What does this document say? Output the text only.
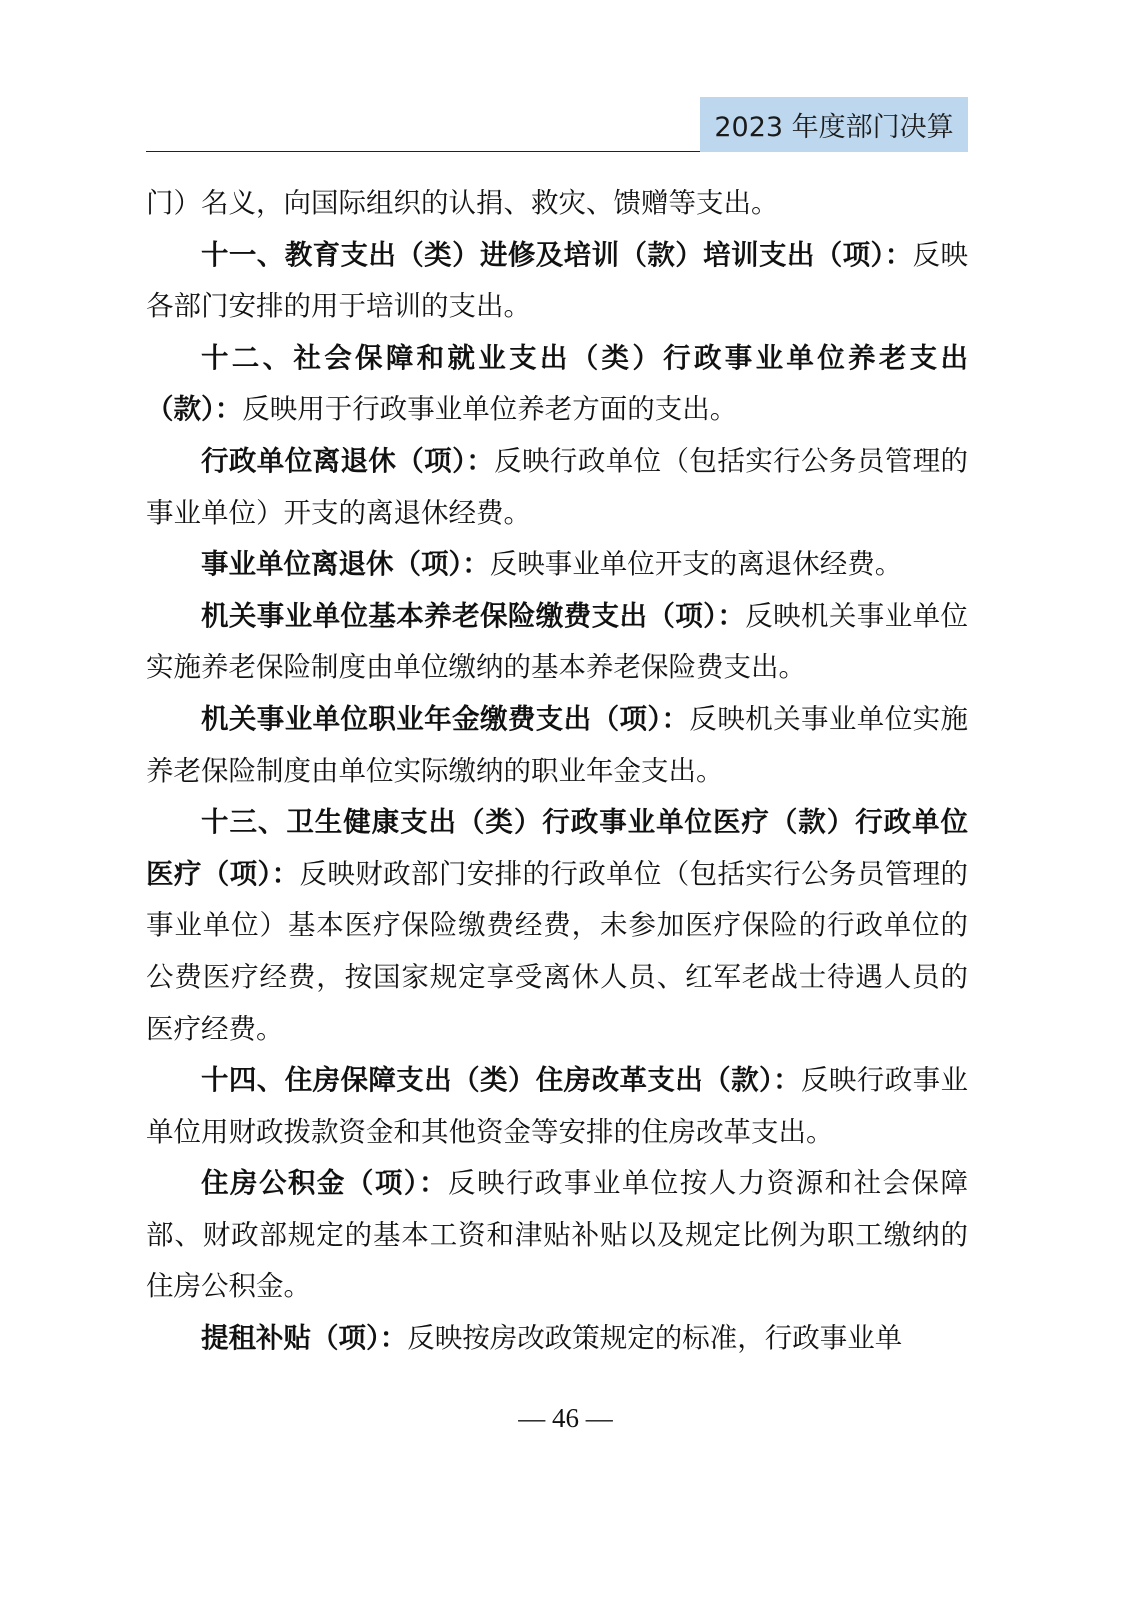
2023 年度部门决算

门）名义，向国际组织的认捐、救灾、馈赠等支出。

十一、教育支出（类）进修及培训（款）培训支出（项）：反映各部门安排的用于培训的支出。

十二、社会保障和就业支出（类）行政事业单位养老支出（款）：反映用于行政事业单位养老方面的支出。

行政单位离退休（项）：反映行政单位（包括实行公务员管理的事业单位）开支的离退休经费。

事业单位离退休（项）：反映事业单位开支的离退休经费。

机关事业单位基本养老保险缴费支出（项）：反映机关事业单位实施养老保险制度由单位缴纳的基本养老保险费支出。

机关事业单位职业年金缴费支出（项）：反映机关事业单位实施养老保险制度由单位实际缴纳的职业年金支出。

十三、卫生健康支出（类）行政事业单位医疗（款）行政单位医疗（项）：反映财政部门安排的行政单位（包括实行公务员管理的事业单位）基本医疗保险缴费经费，未参加医疗保险的行政单位的公费医疗经费，按国家规定享受离休人员、红军老战士待遇人员的医疗经费。

十四、住房保障支出（类）住房改革支出（款）：反映行政事业单位用财政拨款资金和其他资金等安排的住房改革支出。

住房公积金（项）：反映行政事业单位按人力资源和社会保障部、财政部规定的基本工资和津贴补贴以及规定比例为职工缴纳的住房公积金。

提租补贴（项）：反映按房改政策规定的标准，行政事业单

— 46 —
